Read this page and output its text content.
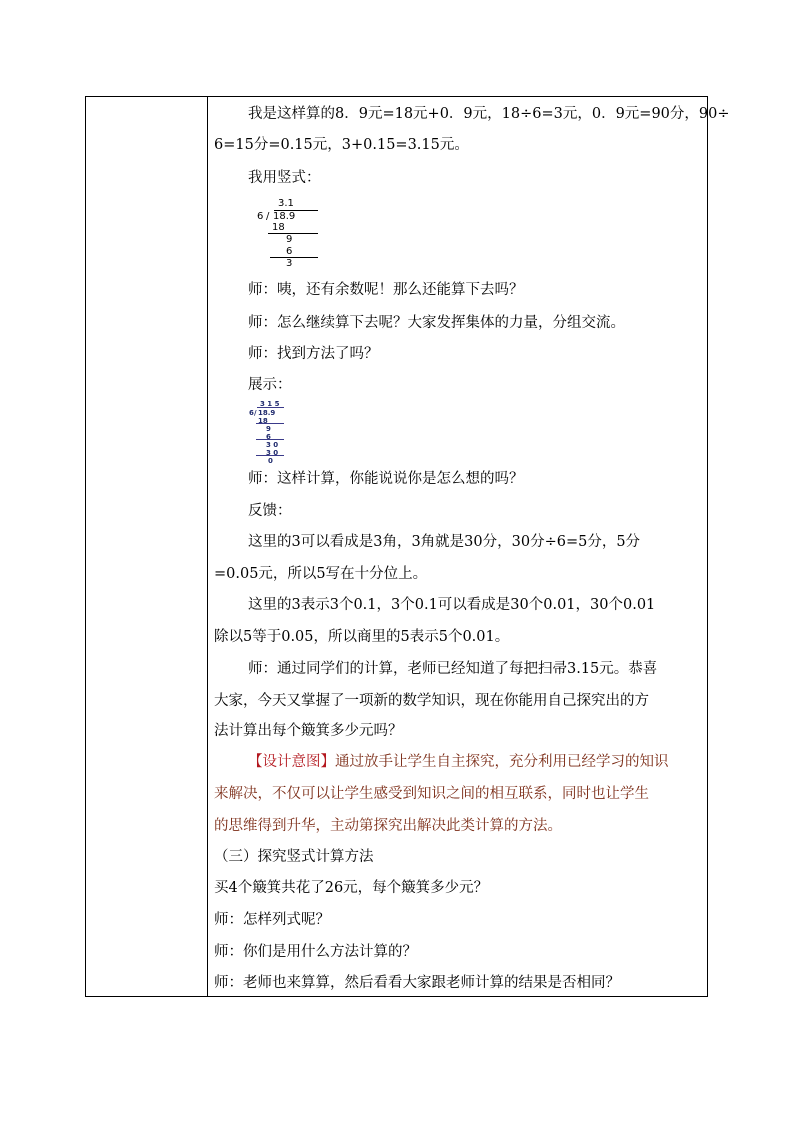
我是这样算的8．9元=18元+0．9元，18÷6=3元，0．9元=90分，90÷
6=15分=0.15元，3+0.15=3.15元。
我用竖式：
3.1
6 / 18.9
18
9
6
3
师：咦，还有余数呢！那么还能算下去吗？
师：怎么继续算下去呢？大家发挥集体的力量，分组交流。
师：找到方法了吗？
展示：
3 1 5
6 / 18.9
18
9
6
3 0
3 0
0
师：这样计算，你能说说你是怎么想的吗？
反馈：
这里的3可以看成是3角，3角就是30分，30分÷6=5分，5分
=0.05元，所以5写在十分位上。
这里的3表示3个0.1，3个0.1可以看成是30个0.01，30个0.01
除以5等于0.05，所以商里的5表示5个0.01。
师：通过同学们的计算，老师已经知道了每把扫帚3.15元。恭喜
大家，今天又掌握了一项新的数学知识，现在你能用自己探究出的方
法计算出每个簸箕多少元吗？
【设计意图】通过放手让学生自主探究，充分利用已经学习的知识
来解决，不仅可以让学生感受到知识之间的相互联系，同时也让学生
的思维得到升华，主动第探究出解决此类计算的方法。
（三）探究竖式计算方法
买4个簸箕共花了26元，每个簸箕多少元？
师：怎样列式呢？
师：你们是用什么方法计算的？
师：老师也来算算，然后看看大家跟老师计算的结果是否相同？
